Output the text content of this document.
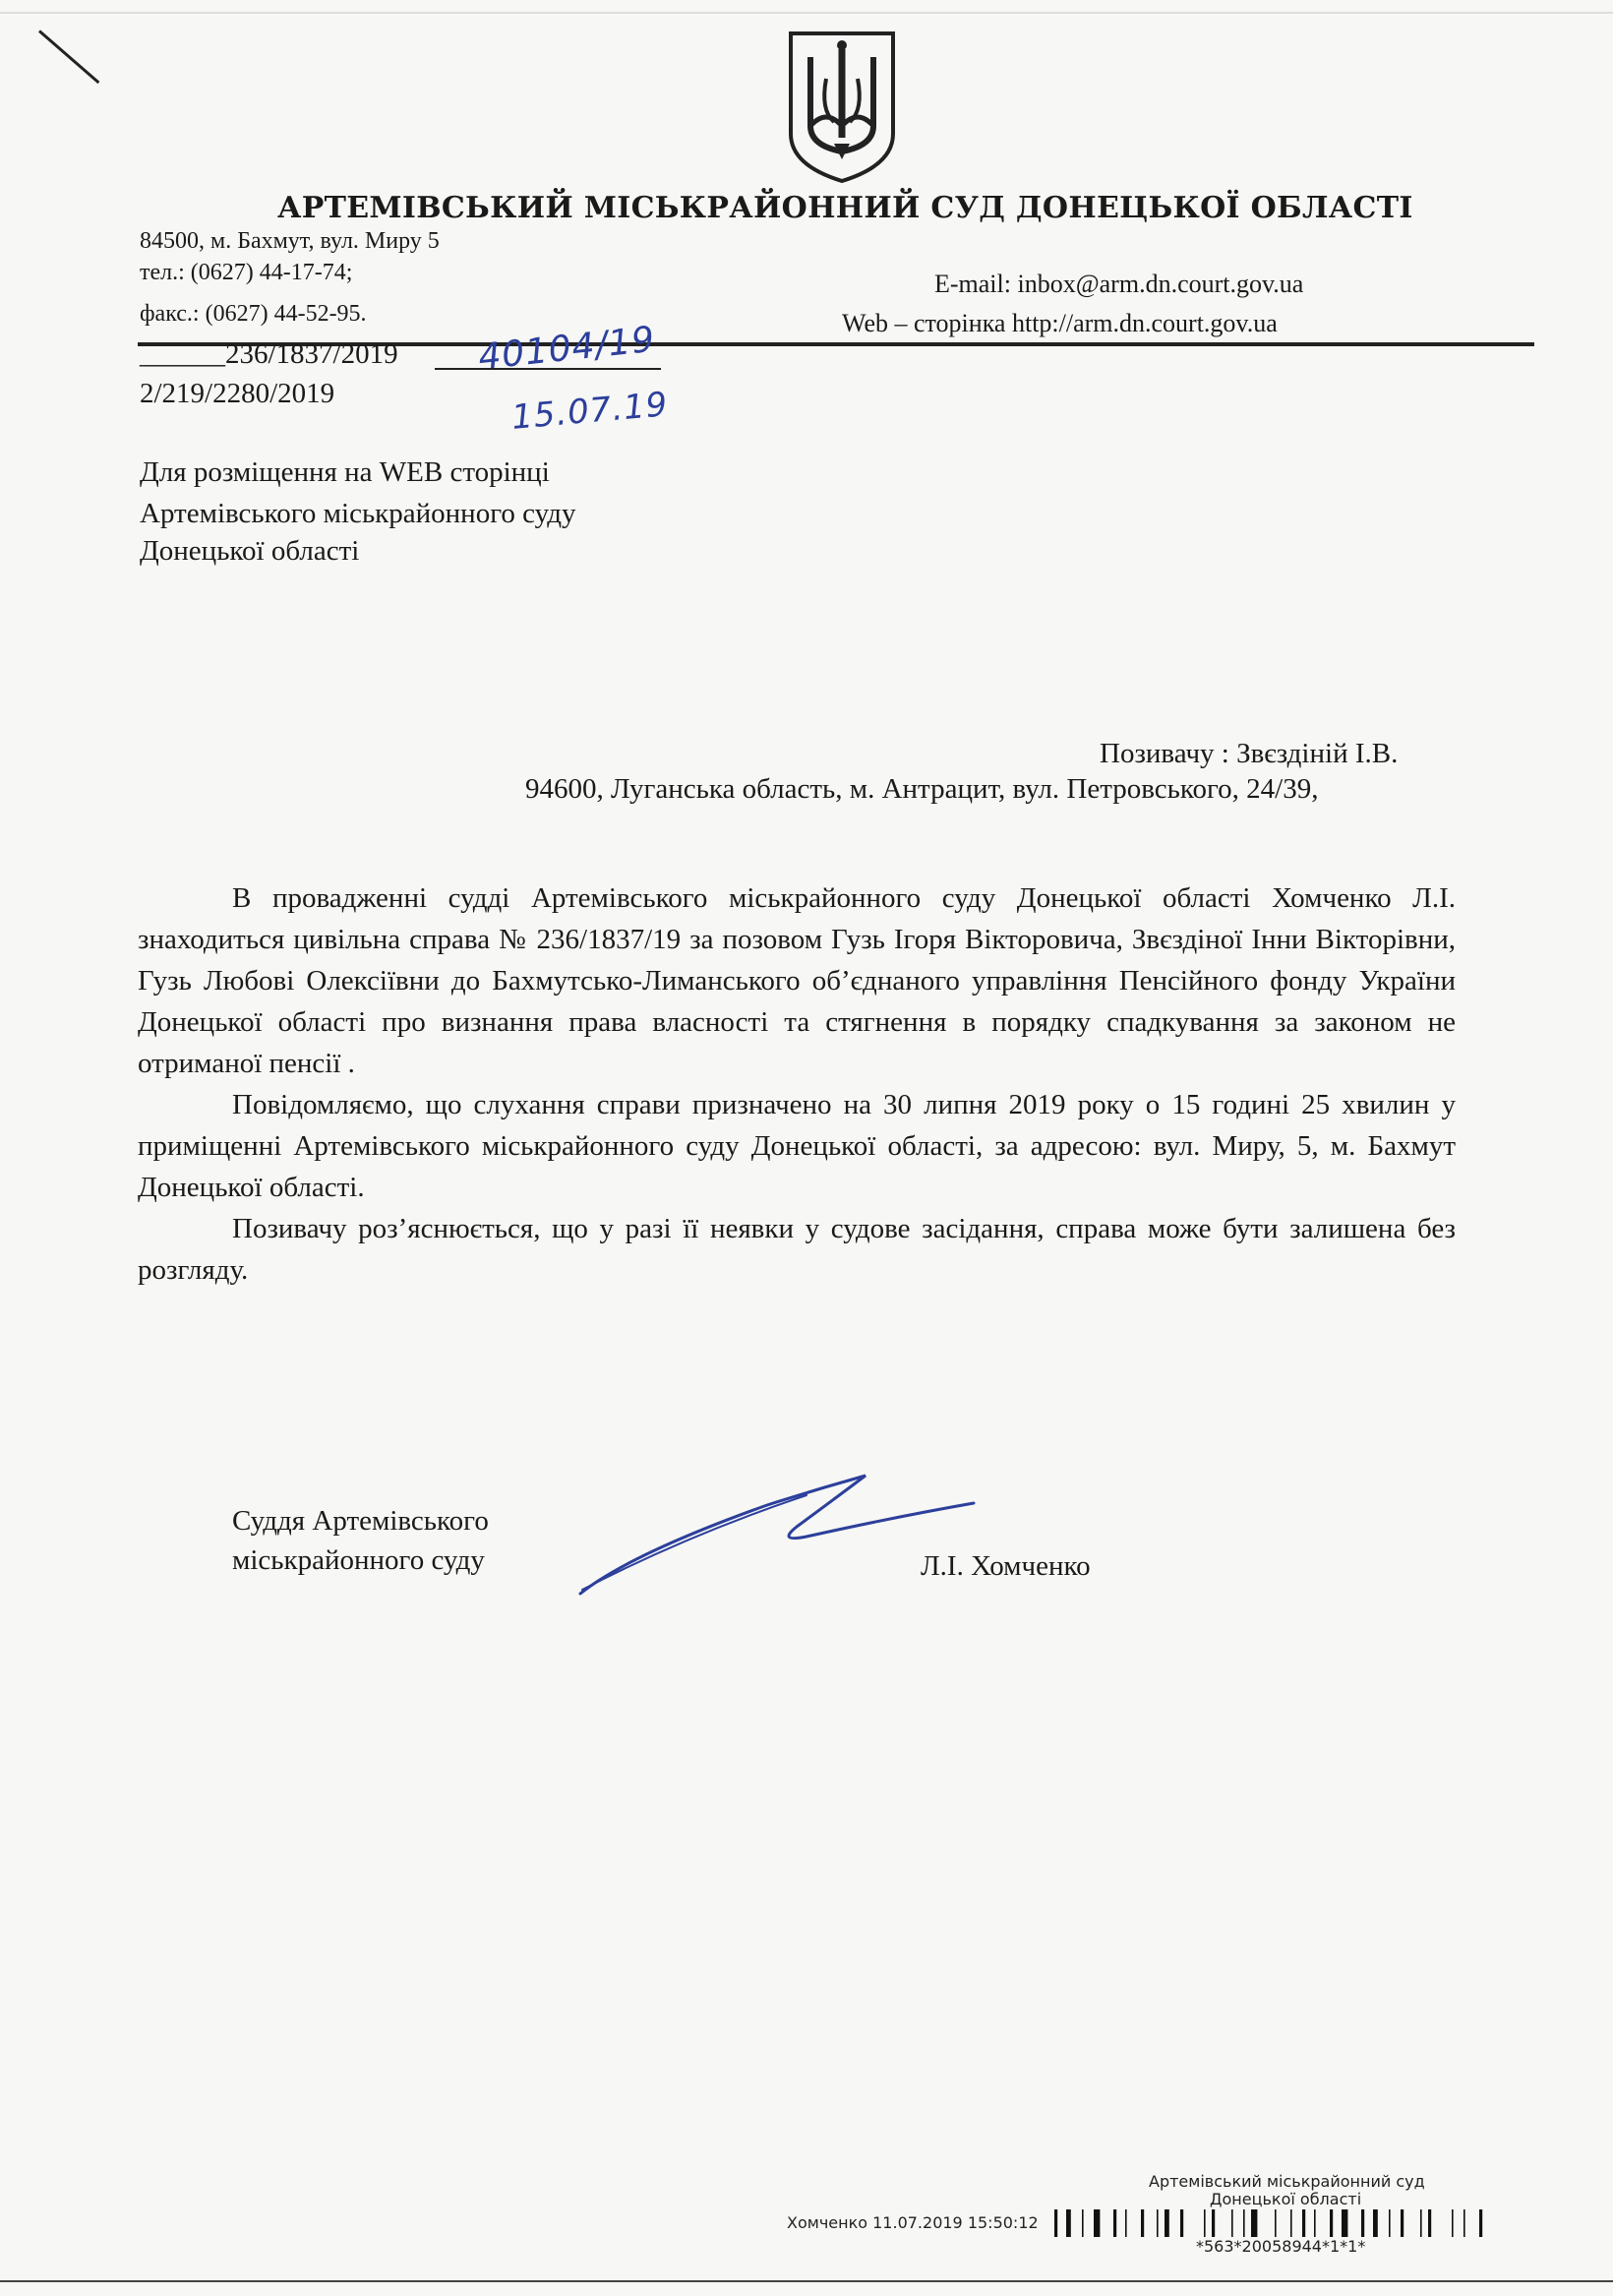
АРТЕМІВСЬКИЙ МІСЬКРАЙОННИЙ СУД ДОНЕЦЬКОЇ ОБЛАСТІ
84500, м. Бахмут, вул. Миру 5
тел.: (0627) 44-17-74;
факс.: (0627) 44-52-95.
E-mail: inbox@arm.dn.court.gov.ua
Web – сторінка http://arm.dn.court.gov.ua
______236/1837/2019 40104/19
2/219/2280/2019	15.07.19
Для розміщення на WEB сторінці
Артемівського міськрайонного суду
Донецької області
Позивачу : Звєздіній І.В.
94600, Луганська область, м. Антрацит, вул. Петровського, 24/39,

В провадженні судді Артемівського міськрайонного суду Донецької області Хомченко Л.І. знаходиться цивільна справа № 236/1837/19 за позовом Гузь Ігоря Вікторовича, Звєздіної Інни Вікторівни, Гузь Любові Олексіївни до Бахмутсько-Лиманського об’єднаного управління Пенсійного фонду України Донецької області про визнання права власності та стягнення в порядку спадкування за законом не отриманої пенсії .

Повідомляємо, що слухання справи призначено на 30 липня 2019 року о 15 годині 25 хвилин у приміщенні Артемівського міськрайонного суду Донецької області, за адресою: вул. Миру, 5, м. Бахмут Донецької області.

Позивачу роз’яснюється, що у разі її неявки у судове засідання, справа може бути залишена без розгляду.

Суддя Артемівського
міськрайонного суду	Л.І. Хомченко
Артемівський міськрайонний суд
Донецької області
Хомченко 11.07.2019 15:50:12
*563*20058944*1*1*
